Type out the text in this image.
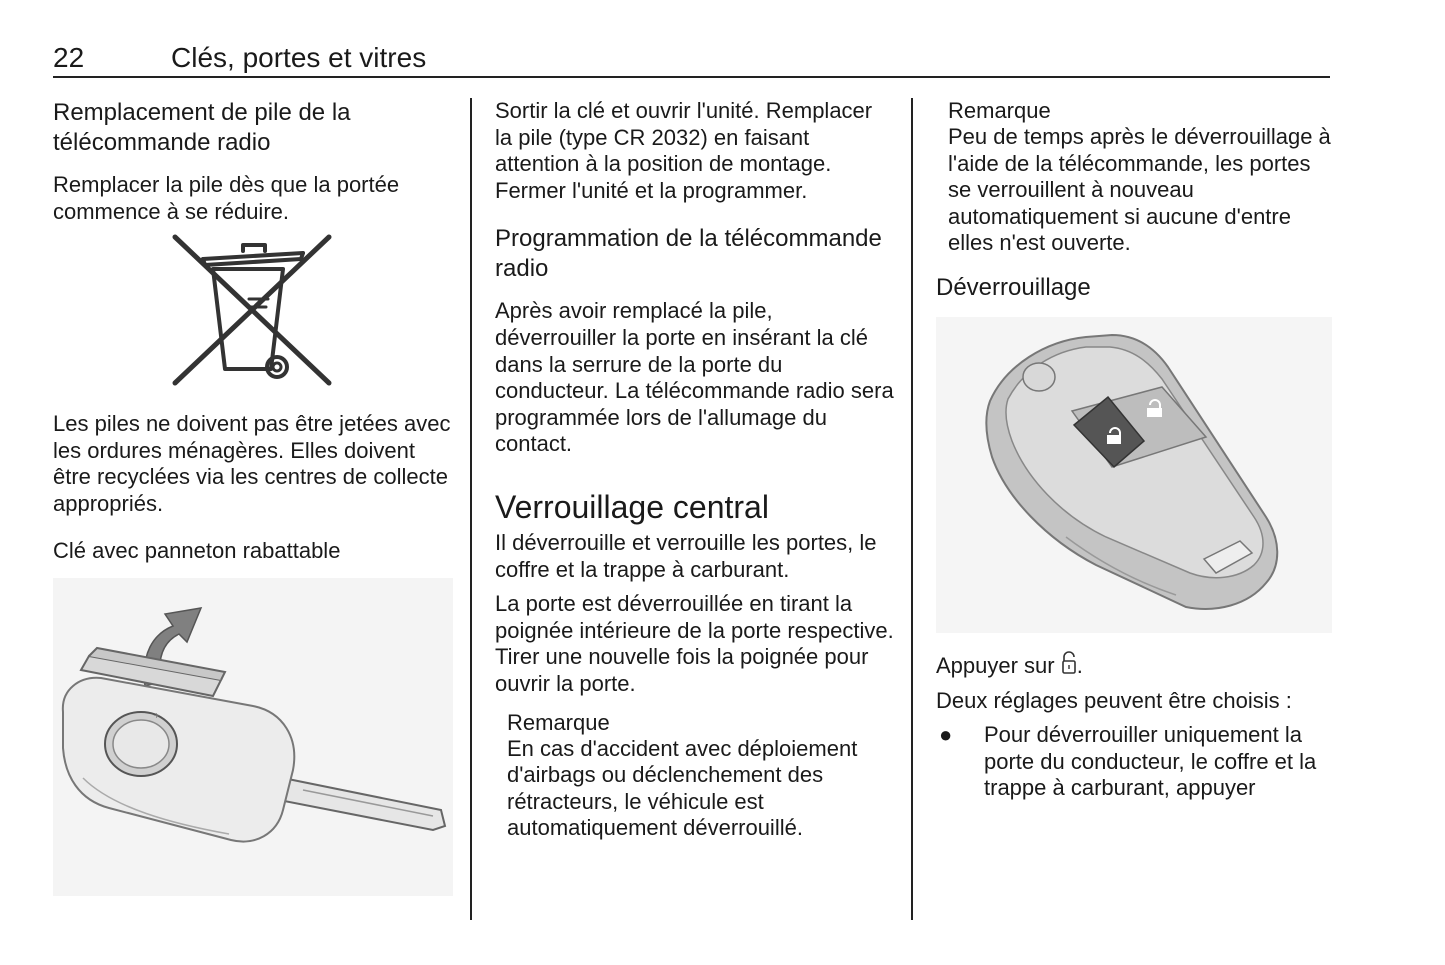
22	Clés, portes et vitres
Remplacement de pile de la télécommande radio

Remplacer la pile dès que la portée commence à se réduire.

Les piles ne doivent pas être jetées avec les ordures ménagères. Elles doivent être recyclées via les centres de collecte appropriés.

Clé avec panneton rabattable

+

Sortir la clé et ouvrir l'unité. Remplacer la pile (type CR 2032) en faisant attention à la position de montage. Fermer l'unité et la programmer.

Programmation de la télécommande radio

Après avoir remplacé la pile, déverrouiller la porte en insérant la clé dans la serrure de la porte du conducteur. La télécommande radio sera programmée lors de l'allumage du contact.

Verrouillage central

Il déverrouille et verrouille les portes, le coffre et la trappe à carburant.

La porte est déverrouillée en tirant la poignée intérieure de la porte respective. Tirer une nouvelle fois la poignée pour ouvrir la porte.

Remarque

En cas d'accident avec déploiement d'airbags ou déclenchement des rétracteurs, le véhicule est automatiquement déverrouillé.

Remarque

Peu de temps après le déverrouillage à l'aide de la télécommande, les portes se verrouillent à nouveau automatiquement si aucune d'entre elles n'est ouverte.

Déverrouillage

Appuyer sur .

Deux réglages peuvent être choisis :

●	Pour déverrouiller uniquement la porte du conducteur, le coffre et la trappe à carburant, appuyer
